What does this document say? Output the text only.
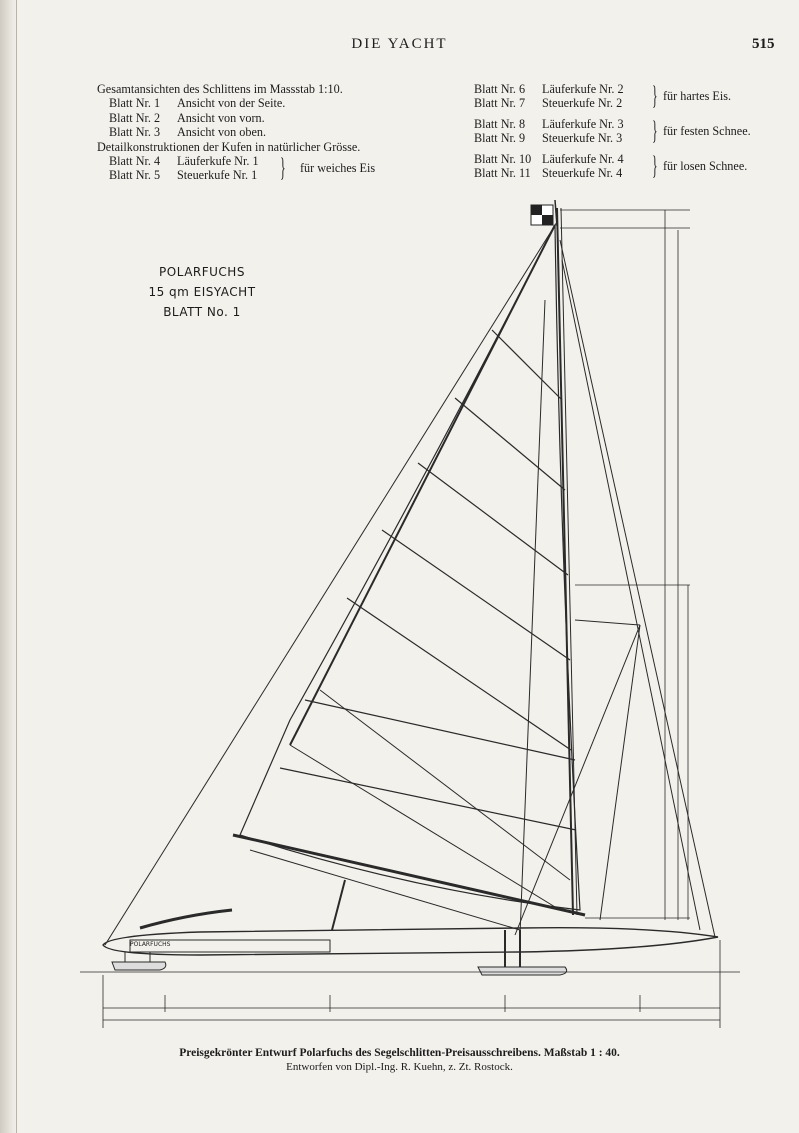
DIE YACHT	515
Gesamtansichten des Schlittens im Massstab 1:10.
Blatt Nr. 1 Ansicht von der Seite.
Blatt Nr. 2 Ansicht von vorn.
Blatt Nr. 3 Ansicht von oben.
Detailkonstruktionen der Kufen in natürlicher Grösse.
Blatt Nr. 4 Läuferkufe Nr. 1
Blatt Nr. 5 Steuerkufe Nr. 1 } für weiches Eis
Blatt Nr. 6 Läuferkufe Nr. 2
Blatt Nr. 7 Steuerkufe Nr. 2 } für hartes Eis.
Blatt Nr. 8 Läuferkufe Nr. 3
Blatt Nr. 9 Steuerkufe Nr. 3 } für festen Schnee.
Blatt Nr. 10 Läuferkufe Nr. 4
Blatt Nr. 11 Steuerkufe Nr. 4 } für losen Schnee.
POLARFUCHS
15 qm EISYACHT
BLATT No. 1
POLARFUCHS
Preisgekrönter Entwurf Polarfuchs des Segelschlitten-Preisausschreibens. Maßstab 1 : 40.
Entworfen von Dipl.-Ing. R. Kuehn, z. Zt. Rostock.
